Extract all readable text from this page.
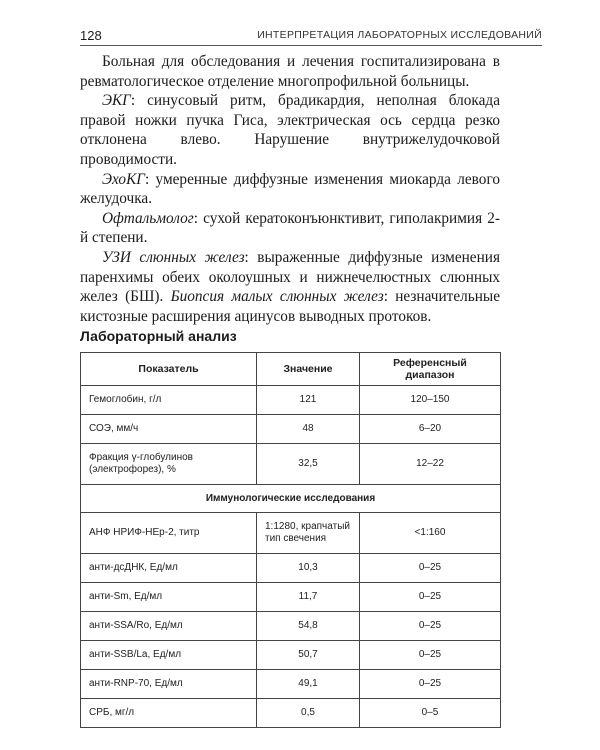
128	ИНТЕРПРЕТАЦИЯ ЛАБОРАТОРНЫХ ИССЛЕДОВАНИЙ

Больная для обследования и лечения госпитализирована в ревматологическое отделение многопрофильной больницы.

ЭКГ: синусовый ритм, брадикардия, неполная блокада правой ножки пучка Гиса, электрическая ось сердца резко отклонена влево. Нарушение внутрижелудочковой проводимости.

ЭхоКГ: умеренные диффузные изменения миокарда левого желудочка.

Офтальмолог: сухой кератоконъюнктивит, гиполакримия 2-й степени.

УЗИ слюнных желез: выраженные диффузные изменения паренхимы обеих околоушных и нижнечелюстных слюнных желез (БШ). Биопсия малых слюнных желез: незначительные кистозные расширения ацинусов выводных протоков.

Лабораторный анализ
Показатель	Значение	Референсный диапазон
Гемоглобин, г/л	121	120–150
СОЭ, мм/ч	48	6–20
Фракция γ-глобулинов (электрофорез), %	32,5	12–22
Иммунологические исследования		
АНФ НРИФ-НЕр-2, титр	1:1280, крапчатый тип свечения	<1:160
анти-дсДНК, Ед/мл	10,3	0–25
анти-Sm, Ед/мл	11,7	0–25
анти-SSA/Ro, Ед/мл	54,8	0–25
анти-SSB/La, Ед/мл	50,7	0–25
анти-RNP-70, Ед/мл	49,1	0–25
СРБ, мг/л	0,5	0–5
